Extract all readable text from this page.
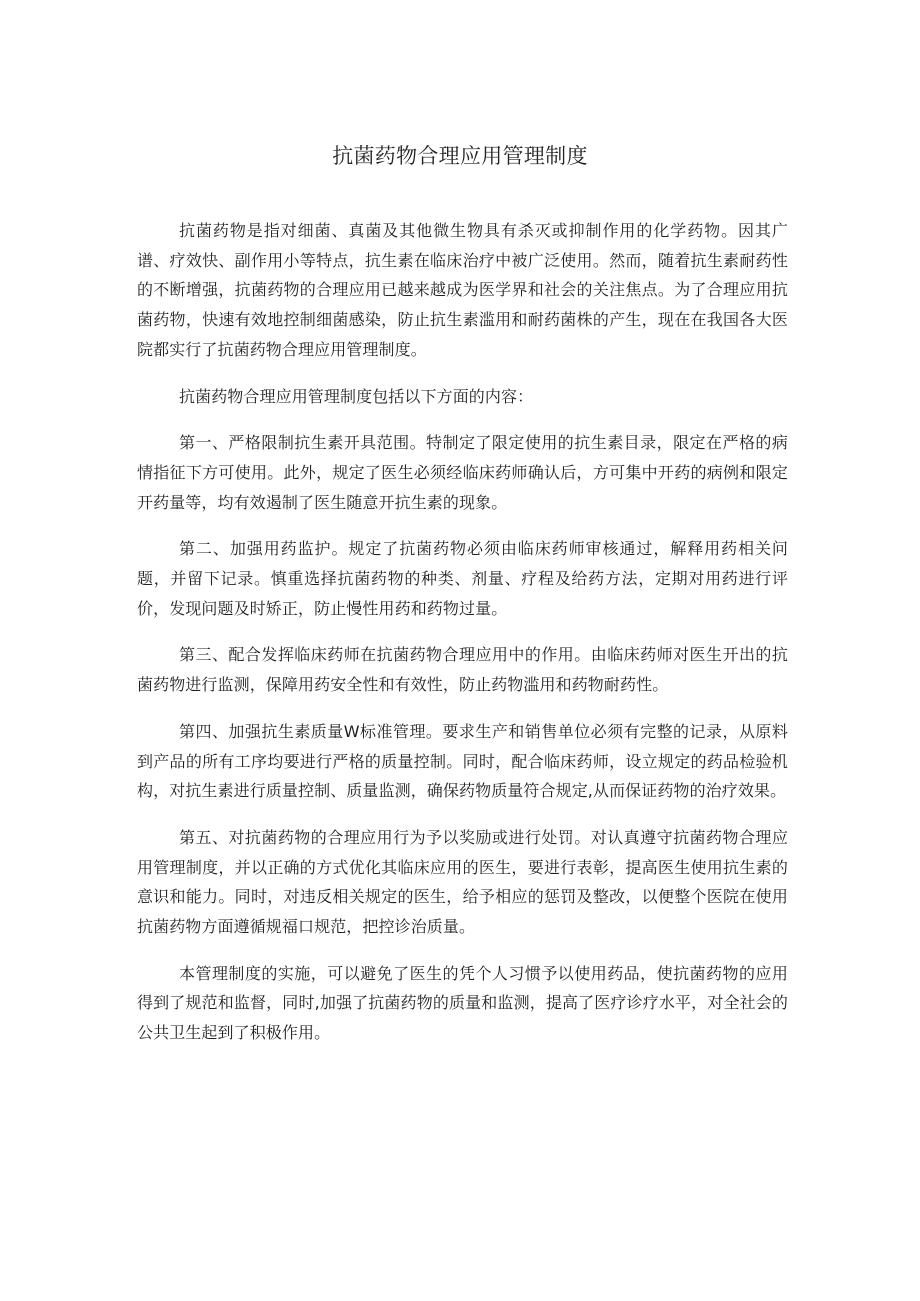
抗菌药物合理应用管理制度

抗菌药物是指对细菌、真菌及其他微生物具有杀灭或抑制作用的化学药物。因其广谱、疗效快、副作用小等特点，抗生素在临床治疗中被广泛使用。然而，随着抗生素耐药性的不断增强，抗菌药物的合理应用已越来越成为医学界和社会的关注焦点。为了合理应用抗菌药物，快速有效地控制细菌感染，防止抗生素滥用和耐药菌株的产生，现在在我国各大医院都实行了抗菌药物合理应用管理制度。

抗菌药物合理应用管理制度包括以下方面的内容：

第一、严格限制抗生素开具范围。特制定了限定使用的抗生素目录，限定在严格的病情指征下方可使用。此外，规定了医生必须经临床药师确认后，方可集中开药的病例和限定开药量等，均有效遏制了医生随意开抗生素的现象。

第二、加强用药监护。规定了抗菌药物必须由临床药师审核通过，解释用药相关问题，并留下记录。慎重选择抗菌药物的种类、剂量、疗程及给药方法，定期对用药进行评价，发现问题及时矫正，防止慢性用药和药物过量。

第三、配合发挥临床药师在抗菌药物合理应用中的作用。由临床药师对医生开出的抗菌药物进行监测，保障用药安全性和有效性，防止药物滥用和药物耐药性。

第四、加强抗生素质量W标准管理。要求生产和销售单位必须有完整的记录，从原料到产品的所有工序均要进行严格的质量控制。同时，配合临床药师，设立规定的药品检验机构，对抗生素进行质量控制、质量监测，确保药物质量符合规定,从而保证药物的治疗效果。

第五、对抗菌药物的合理应用行为予以奖励或进行处罚。对认真遵守抗菌药物合理应用管理制度，并以正确的方式优化其临床应用的医生，要进行表彰，提高医生使用抗生素的意识和能力。同时，对违反相关规定的医生，给予相应的惩罚及整改，以便整个医院在使用抗菌药物方面遵循规福口规范，把控诊治质量。

本管理制度的实施，可以避免了医生的凭个人习惯予以使用药品，使抗菌药物的应用得到了规范和监督，同时,加强了抗菌药物的质量和监测，提高了医疗诊疗水平，对全社会的公共卫生起到了积极作用。
